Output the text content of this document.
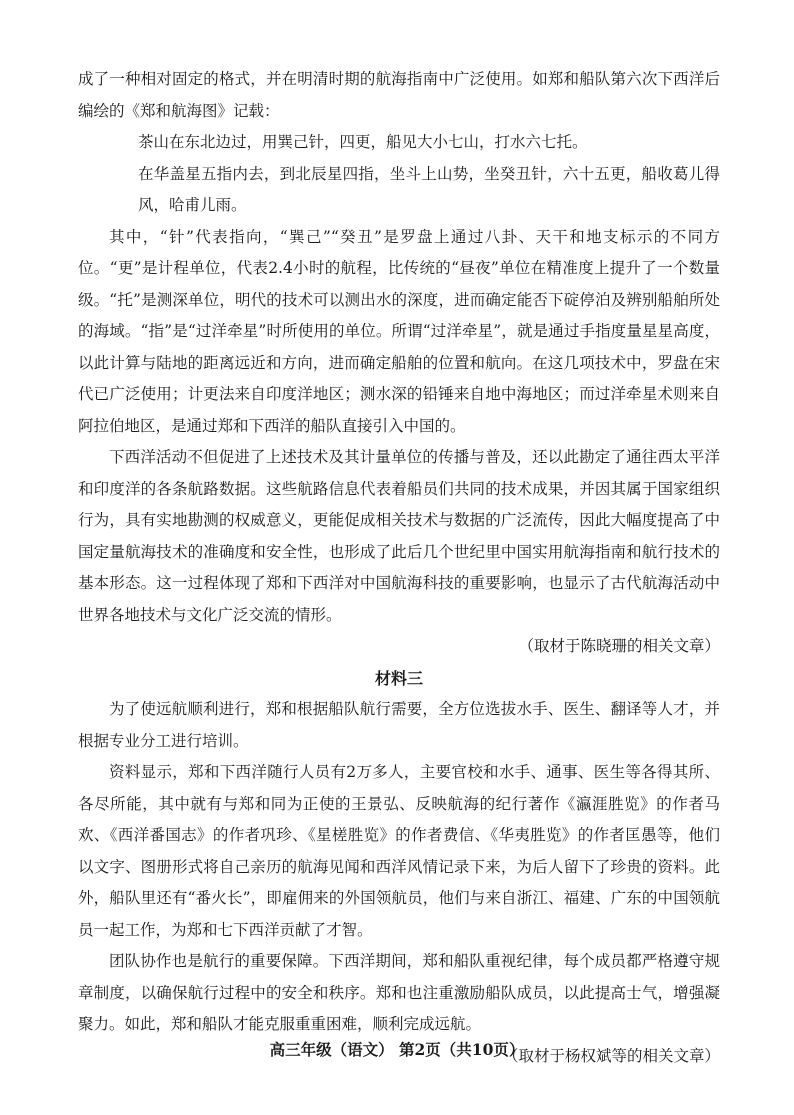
成了一种相对固定的格式，并在明清时期的航海指南中广泛使用。如郑和船队第六次下西洋后编绘的《郑和航海图》记载：

茶山在东北边过，用巽己针，四更，船见大小七山，打水六七托。

在华盖星五指内去，到北辰星四指，坐斗上山势，坐癸丑针，六十五更，船收葛儿得风，哈甫儿雨。

其中，“针”代表指向，“巽己”“癸丑”是罗盘上通过八卦、天干和地支标示的不同方位。“更”是计程单位，代表2.4小时的航程，比传统的“昼夜”单位在精准度上提升了一个数量级。“托”是测深单位，明代的技术可以测出水的深度，进而确定能否下碇停泊及辨别船舶所处的海域。“指”是“过洋牵星”时所使用的单位。所谓“过洋牵星”，就是通过手指度量星星高度，以此计算与陆地的距离远近和方向，进而确定船舶的位置和航向。在这几项技术中，罗盘在宋代已广泛使用；计更法来自印度洋地区；测水深的铅锤来自地中海地区；而过洋牵星术则来自阿拉伯地区，是通过郑和下西洋的船队直接引入中国的。

下西洋活动不但促进了上述技术及其计量单位的传播与普及，还以此勘定了通往西太平洋和印度洋的各条航路数据。这些航路信息代表着船员们共同的技术成果，并因其属于国家组织行为，具有实地勘测的权威意义，更能促成相关技术与数据的广泛流传，因此大幅度提高了中国定量航海技术的准确度和安全性，也形成了此后几个世纪里中国实用航海指南和航行技术的基本形态。这一过程体现了郑和下西洋对中国航海科技的重要影响，也显示了古代航海活动中世界各地技术与文化广泛交流的情形。

（取材于陈晓珊的相关文章）

材料三

为了使远航顺利进行，郑和根据船队航行需要，全方位选拔水手、医生、翻译等人才，并根据专业分工进行培训。

资料显示，郑和下西洋随行人员有2万多人，主要官校和水手、通事、医生等各得其所、各尽所能，其中就有与郑和同为正使的王景弘、反映航海的纪行著作《瀛涯胜览》的作者马欢、《西洋番国志》的作者巩珍、《星槎胜览》的作者费信、《华夷胜览》的作者匡愚等，他们以文字、图册形式将自己亲历的航海见闻和西洋风情记录下来，为后人留下了珍贵的资料。此外，船队里还有“番火长”，即雇佣来的外国领航员，他们与来自浙江、福建、广东的中国领航员一起工作，为郑和七下西洋贡献了才智。

团队协作也是航行的重要保障。下西洋期间，郑和船队重视纪律，每个成员都严格遵守规章制度，以确保航行过程中的安全和秩序。郑和也注重激励船队成员，以此提高士气，增强凝聚力。如此，郑和船队才能克服重重困难，顺利完成远航。

（取材于杨权斌等的相关文章）

高三年级（语文） 第2页（共10页）
